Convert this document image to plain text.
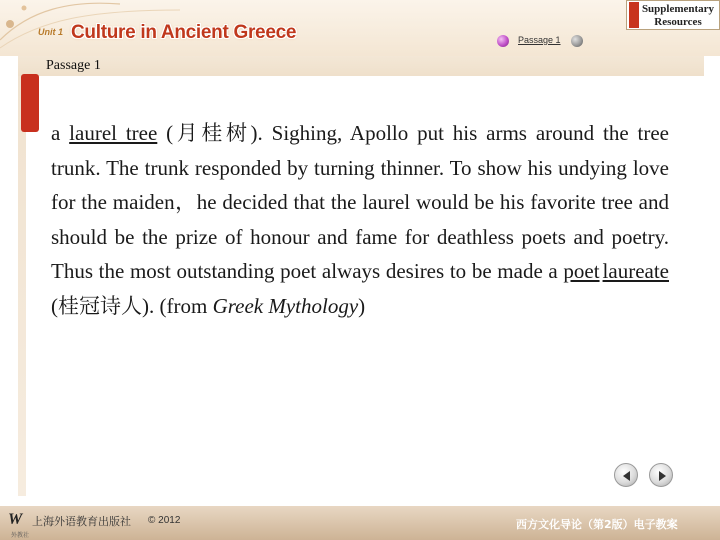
Unit 1 Culture in Ancient Greece	Passage 1
Supplementary
Resources
Passage 1

a laurel tree (月桂树). Sighing, Apollo put his arms around the tree trunk. The trunk responded by turning thinner. To show his undying love for the maiden，he decided that the laurel would be his favorite tree and should be the prize of honour and fame for deathless poets and poetry. Thus the most outstanding poet always desires to be made a poet laureate (桂冠诗人). (from Greek Mythology)

W 上海外语教育出版社 © 2012
外教社
西方文化导论（第2版）电子教案
